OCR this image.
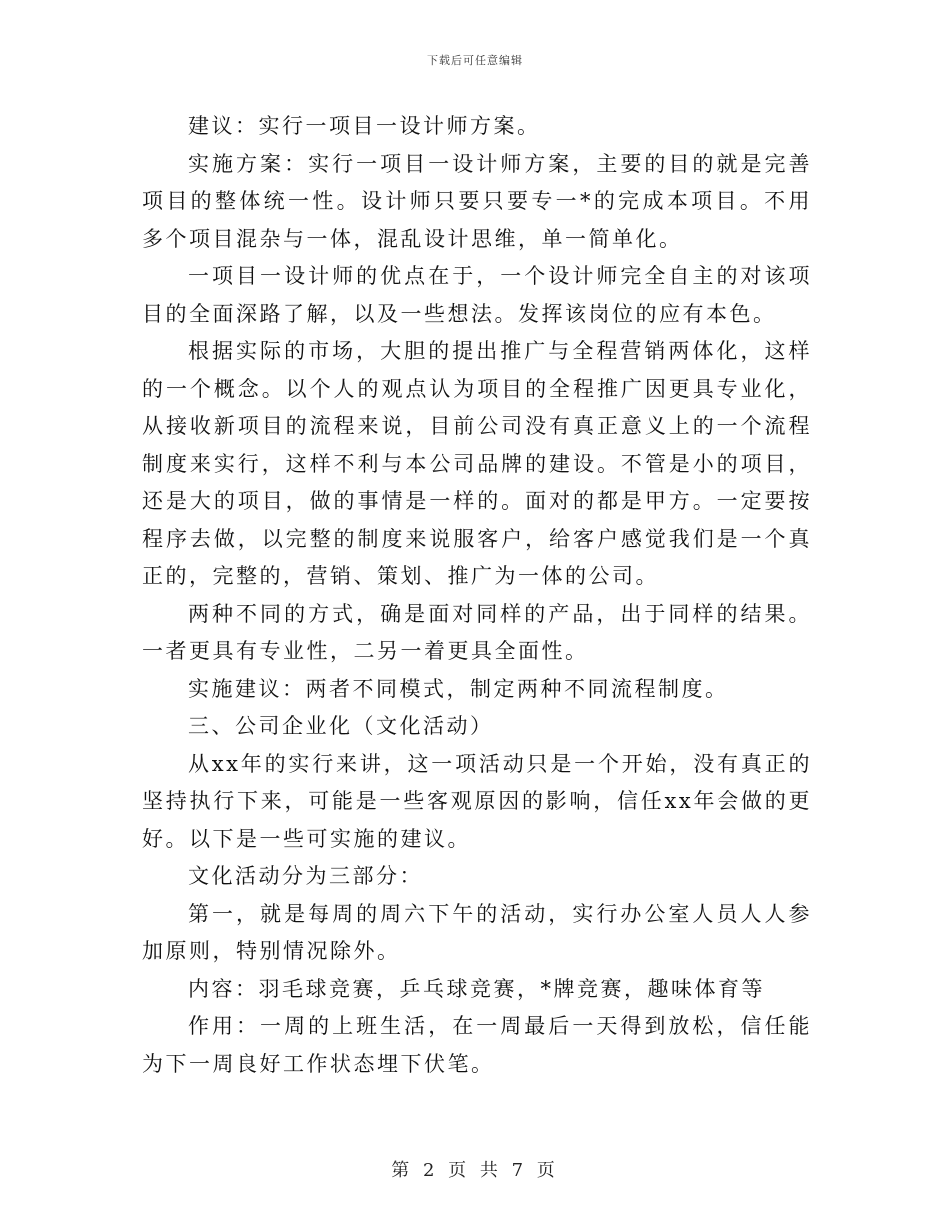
下载后可任意编辑

建议：实行一项目一设计师方案。

实施方案：实行一项目一设计师方案，主要的目的就是完善项目的整体统一性。设计师只要只要专一*的完成本项目。不用多个项目混杂与一体，混乱设计思维，单一简单化。

一项目一设计师的优点在于，一个设计师完全自主的对该项目的全面深路了解，以及一些想法。发挥该岗位的应有本色。

根据实际的市场，大胆的提出推广与全程营销两体化，这样的一个概念。以个人的观点认为项目的全程推广因更具专业化，从接收新项目的流程来说，目前公司没有真正意义上的一个流程制度来实行，这样不利与本公司品牌的建设。不管是小的项目，还是大的项目，做的事情是一样的。面对的都是甲方。一定要按程序去做，以完整的制度来说服客户，给客户感觉我们是一个真正的，完整的，营销、策划、推广为一体的公司。

两种不同的方式，确是面对同样的产品，出于同样的结果。一者更具有专业性，二另一着更具全面性。

实施建议：两者不同模式，制定两种不同流程制度。

三、公司企业化（文化活动）

从xx年的实行来讲，这一项活动只是一个开始，没有真正的坚持执行下来，可能是一些客观原因的影响，信任xx年会做的更好。以下是一些可实施的建议。

文化活动分为三部分：

第一，就是每周的周六下午的活动，实行办公室人员人人参加原则，特别情况除外。

内容：羽毛球竞赛，乒乓球竞赛，*牌竞赛，趣味体育等

作用：一周的上班生活，在一周最后一天得到放松，信任能为下一周良好工作状态埋下伏笔。

第 2 页 共 7 页
